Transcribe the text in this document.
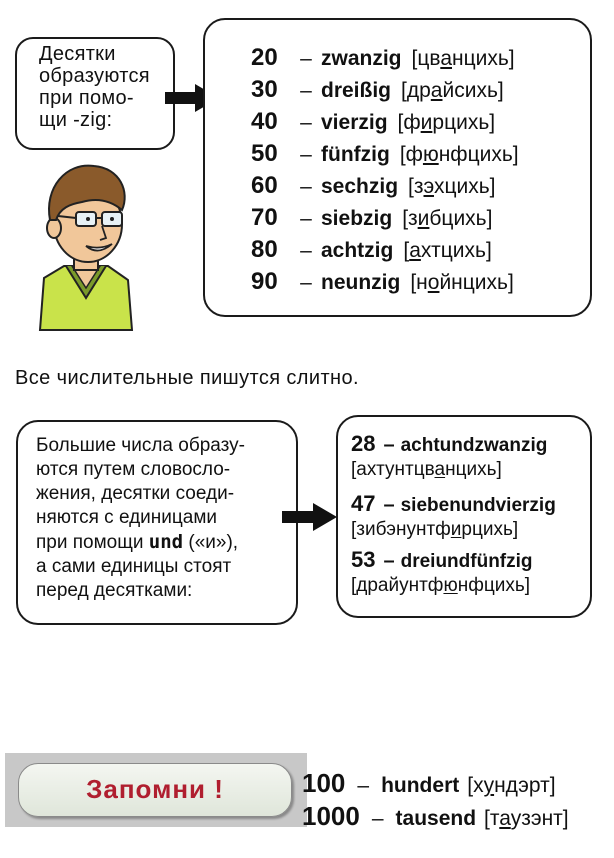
Десятки
образуются
при помо-
щи -zig:
20 – zwanzig [цванцихь]
30 – dreißig [драйсихь]
40 – vierzig [фирцихь]
50 – fünfzig [фюнфцихь]
60 – sechzig [зэхцихь]
70 – siebzig [зибцихь]
80 – achtzig [ахтцихь]
90 – neunzig [нойнцихь]
Все числительные пишутся слитно.
Большие числа образу-
ются путем словосло-
жения, десятки соеди-
няются с единицами
при помощи und («и»),
а сами единицы стоят
перед десятками:
28 – achtundzwanzig
[ахтунтцванцихь]
47 – siebenundvierzig
[зибэнунтфирцихь]
53 – dreiundfünfzig
[драйунтфюнфцихь]
Запомни !	100 – hundert [хундэрт]
1000 – tausend [таузэнт]
